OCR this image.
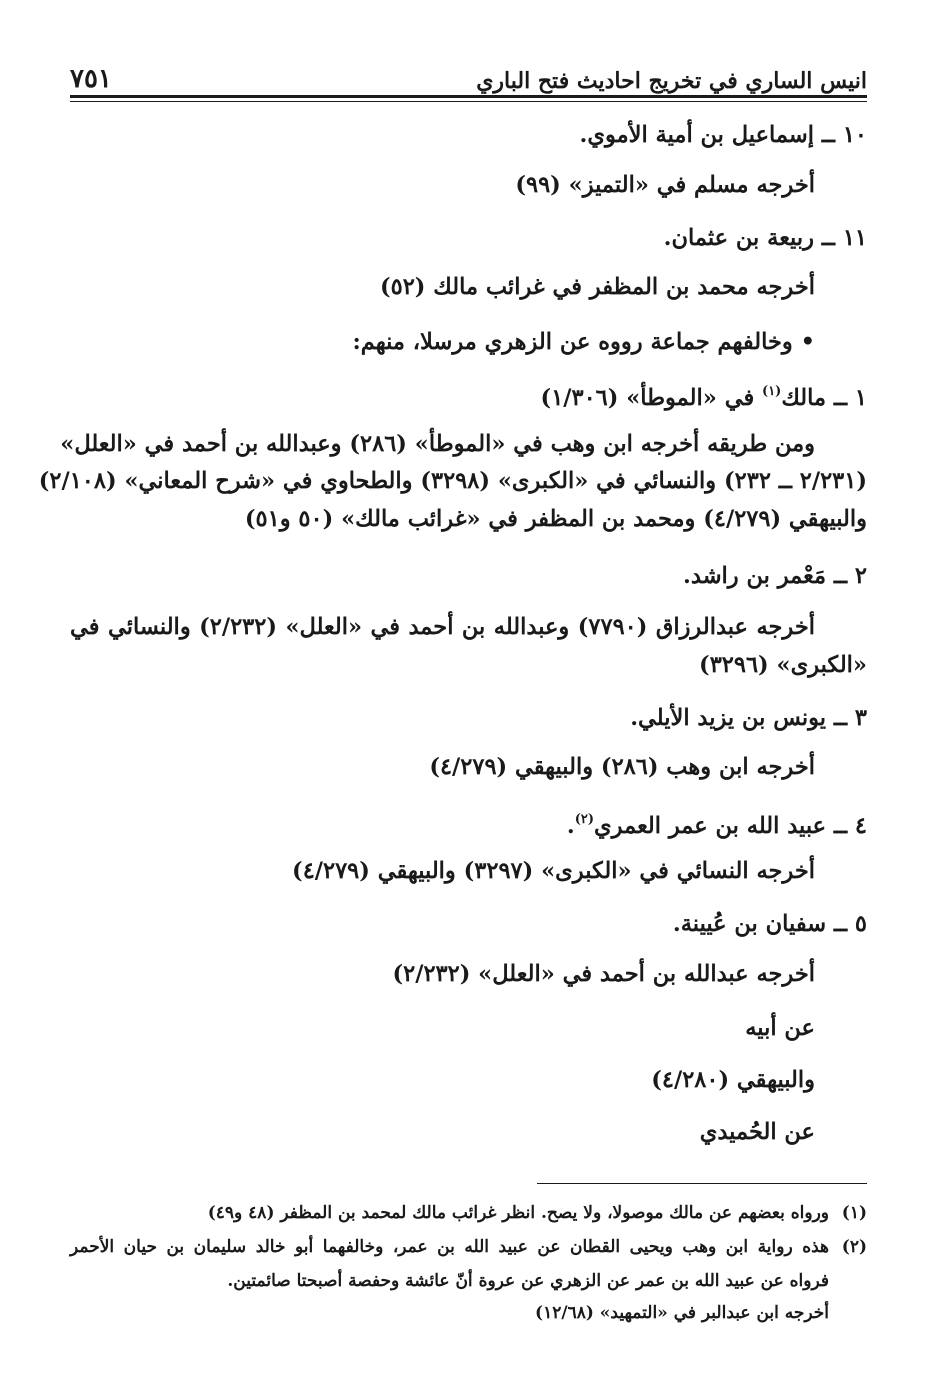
انيس الساري في تخريج احاديث فتح الباري
٧٥١
١٠ ــ إسماعيل بن أمية الأموي.
أخرجه مسلم في «التميز» (٩٩)
١١ ــ ربيعة بن عثمان.
أخرجه محمد بن المظفر في غرائب مالك (٥٢)
• وخالفهم جماعة رووه عن الزهري مرسلا، منهم:
١ ــ مالك$^{(١)}$ في «الموطأ» (١/٣٠٦)
ومن طريقه أخرجه ابن وهب في «الموطأ» (٢٨٦) وعبدالله بن أحمد في «العلل»
(٢/٢٣١ ــ ٢٣٢) والنسائي في «الكبرى» (٣٢٩٨) والطحاوي في «شرح المعاني» (٢/١٠٨)
والبيهقي (٤/٢٧٩) ومحمد بن المظفر في «غرائب مالك» (٥٠ و٥١)
٢ ــ مَعْمر بن راشد.
أخرجه عبدالرزاق (٧٧٩٠) وعبدالله بن أحمد في «العلل» (٢/٢٣٢) والنسائي في
«الكبرى» (٣٢٩٦)
٣ ــ يونس بن يزيد الأيلي.
أخرجه ابن وهب (٢٨٦) والبيهقي (٤/٢٧٩)
٤ ــ عبيد الله بن عمر العمري$^{(٢)}$.
أخرجه النسائي في «الكبرى» (٣٢٩٧) والبيهقي (٤/٢٧٩)
٥ ــ سفيان بن عُيينة.
أخرجه عبدالله بن أحمد في «العلل» (٢/٢٣٢)
عن أبيه
والبيهقي (٤/٢٨٠)
عن الحُميدي
(١)ورواه بعضهم عن مالك موصولا، ولا يصح. انظر غرائب مالك لمحمد بن المظفر (٤٨ و٤٩)
(٢)هذه رواية ابن وهب ويحيى القطان عن عبيد الله بن عمر، وخالفهما أبو خالد سليمان بن حيان الأحمر
فرواه عن عبيد الله بن عمر عن الزهري عن عروة أنّ عائشة وحفصة أصبحتا صائمتين.
أخرجه ابن عبدالبر في «التمهيد» (١٢/٦٨)
